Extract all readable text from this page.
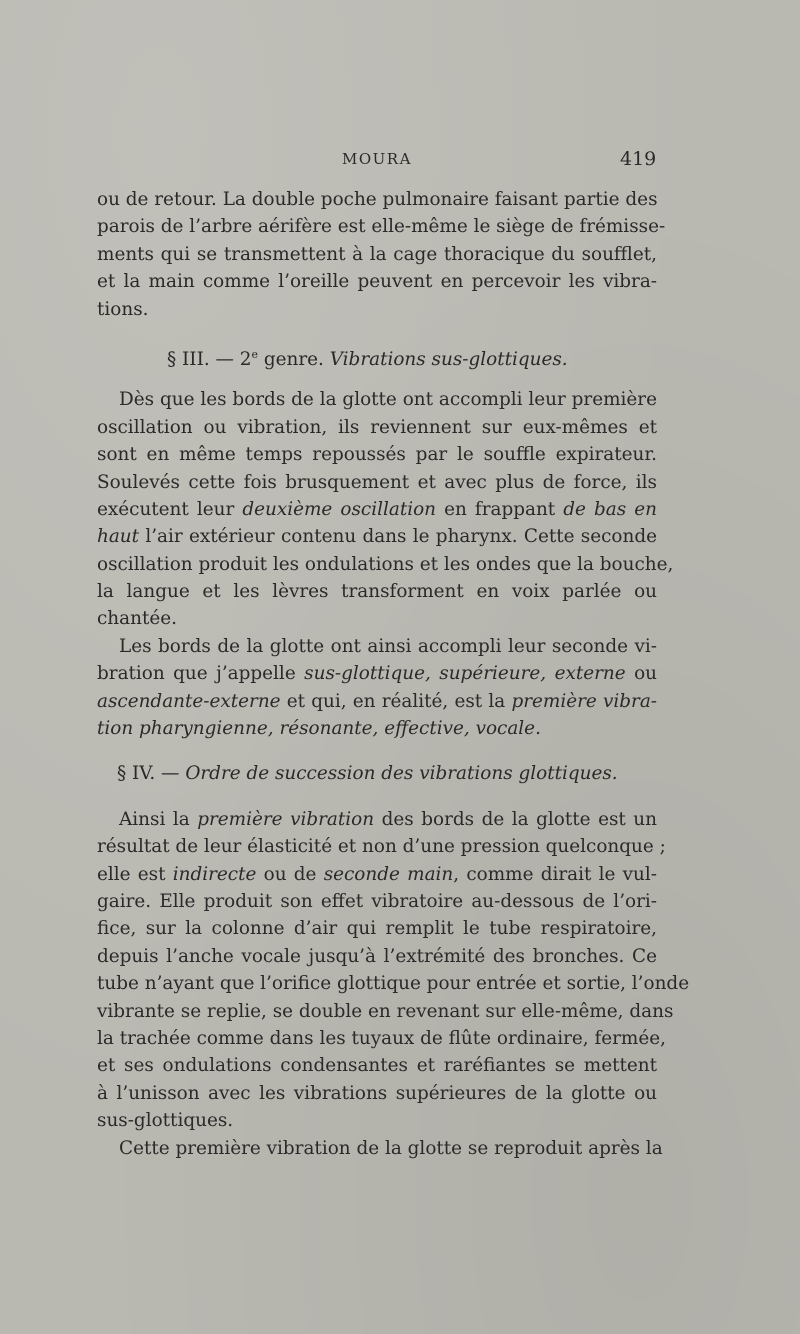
MOURA	419
ou de retour. La double poche pulmonaire faisant partie des
parois de l’arbre aérifère est elle-même le siège de frémisse-
ments qui se transmettent à la cage thoracique du soufflet,
et la main comme l’oreille peuvent en percevoir les vibra-
tions.
§ III. — 2e genre. Vibrations sus-glottiques.
Dès que les bords de la glotte ont accompli leur première
oscillation ou vibration, ils reviennent sur eux-mêmes et
sont en même temps repoussés par le souffle expirateur.
Soulevés cette fois brusquement et avec plus de force, ils
exécutent leur deuxième oscillation en frappant de bas en
haut l’air extérieur contenu dans le pharynx. Cette seconde
oscillation produit les ondulations et les ondes que la bouche,
la langue et les lèvres transforment en voix parlée ou
chantée.
Les bords de la glotte ont ainsi accompli leur seconde vi-
bration que j’appelle sus-glottique, supérieure, externe ou
ascendante-externe et qui, en réalité, est la première vibra-
tion pharyngienne, résonante, effective, vocale.
§ IV. — Ordre de succession des vibrations glottiques.
Ainsi la première vibration des bords de la glotte est un
résultat de leur élasticité et non d’une pression quelconque ;
elle est indirecte ou de seconde main, comme dirait le vul-
gaire. Elle produit son effet vibratoire au-dessous de l’ori-
fice, sur la colonne d’air qui remplit le tube respiratoire,
depuis l’anche vocale jusqu’à l’extrémité des bronches. Ce
tube n’ayant que l’orifice glottique pour entrée et sortie, l’onde
vibrante se replie, se double en revenant sur elle-même, dans
la trachée comme dans les tuyaux de flûte ordinaire, fermée,
et ses ondulations condensantes et raréfiantes se mettent
à l’unisson avec les vibrations supérieures de la glotte ou
sus-glottiques.
Cette première vibration de la glotte se reproduit après la
